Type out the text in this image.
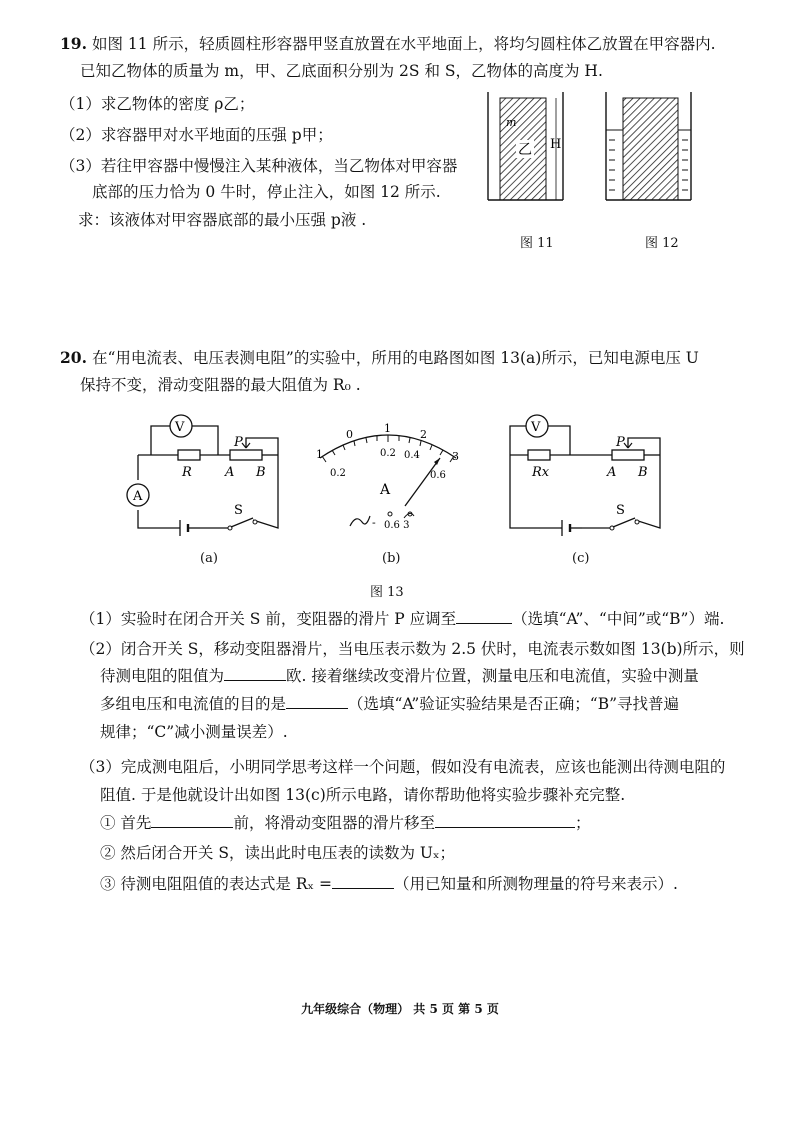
19. 如图 11 所示，轻质圆柱形容器甲竖直放置在水平地面上，将均匀圆柱体乙放置在甲容器内.
已知乙物体的质量为 m，甲、乙底面积分别为 2S 和 S，乙物体的高度为 H.
（1）求乙物体的密度 ρ乙；
（2）求容器甲对水平地面的压强 p甲；
（3）若往甲容器中慢慢注入某种液体，当乙物体对甲容器
底部的压力恰为 0 牛时，停止注入，如图 12 所示.
求：该液体对甲容器底部的最小压强 p液 .
乙
m
H
图 11	图 12
20. 在“用电流表、电压表测电阻”的实验中，所用的电路图如图 13(a)所示，已知电源电压 U
保持不变，滑动变阻器的最大阻值为 R₀ .
V
A
R
P
A B
S
(a)
1
0	1	2
3
0.2
0.2 0.4
0.6
A
- 0.6 3
(b)
V
Rx
P
A B
S
(c)
图 13
（1）实验时在闭合开关 S 前，变阻器的滑片 P 应调至	（选填“A”、“中间”或“B”）端.
（2）闭合开关 S，移动变阻器滑片，当电压表示数为 2.5 伏时，电流表示数如图 13(b)所示，则
待测电阻的阻值为	欧. 接着继续改变滑片位置，测量电压和电流值，实验中测量
多组电压和电流值的目的是	（选填“A”验证实验结果是否正确；“B”寻找普遍
规律；“C”减小测量误差）.
（3）完成测电阻后，小明同学思考这样一个问题，假如没有电流表，应该也能测出待测电阻的
阻值. 于是他就设计出如图 13(c)所示电路，请你帮助他将实验步骤补充完整.
① 首先	前，将滑动变阻器的滑片移至	；
② 然后闭合开关 S，读出此时电压表的读数为 Uₓ；
③ 待测电阻阻值的表达式是 Rₓ =	（用已知量和所测物理量的符号来表示）.
九年级综合（物理） 共 5 页 第 5 页
